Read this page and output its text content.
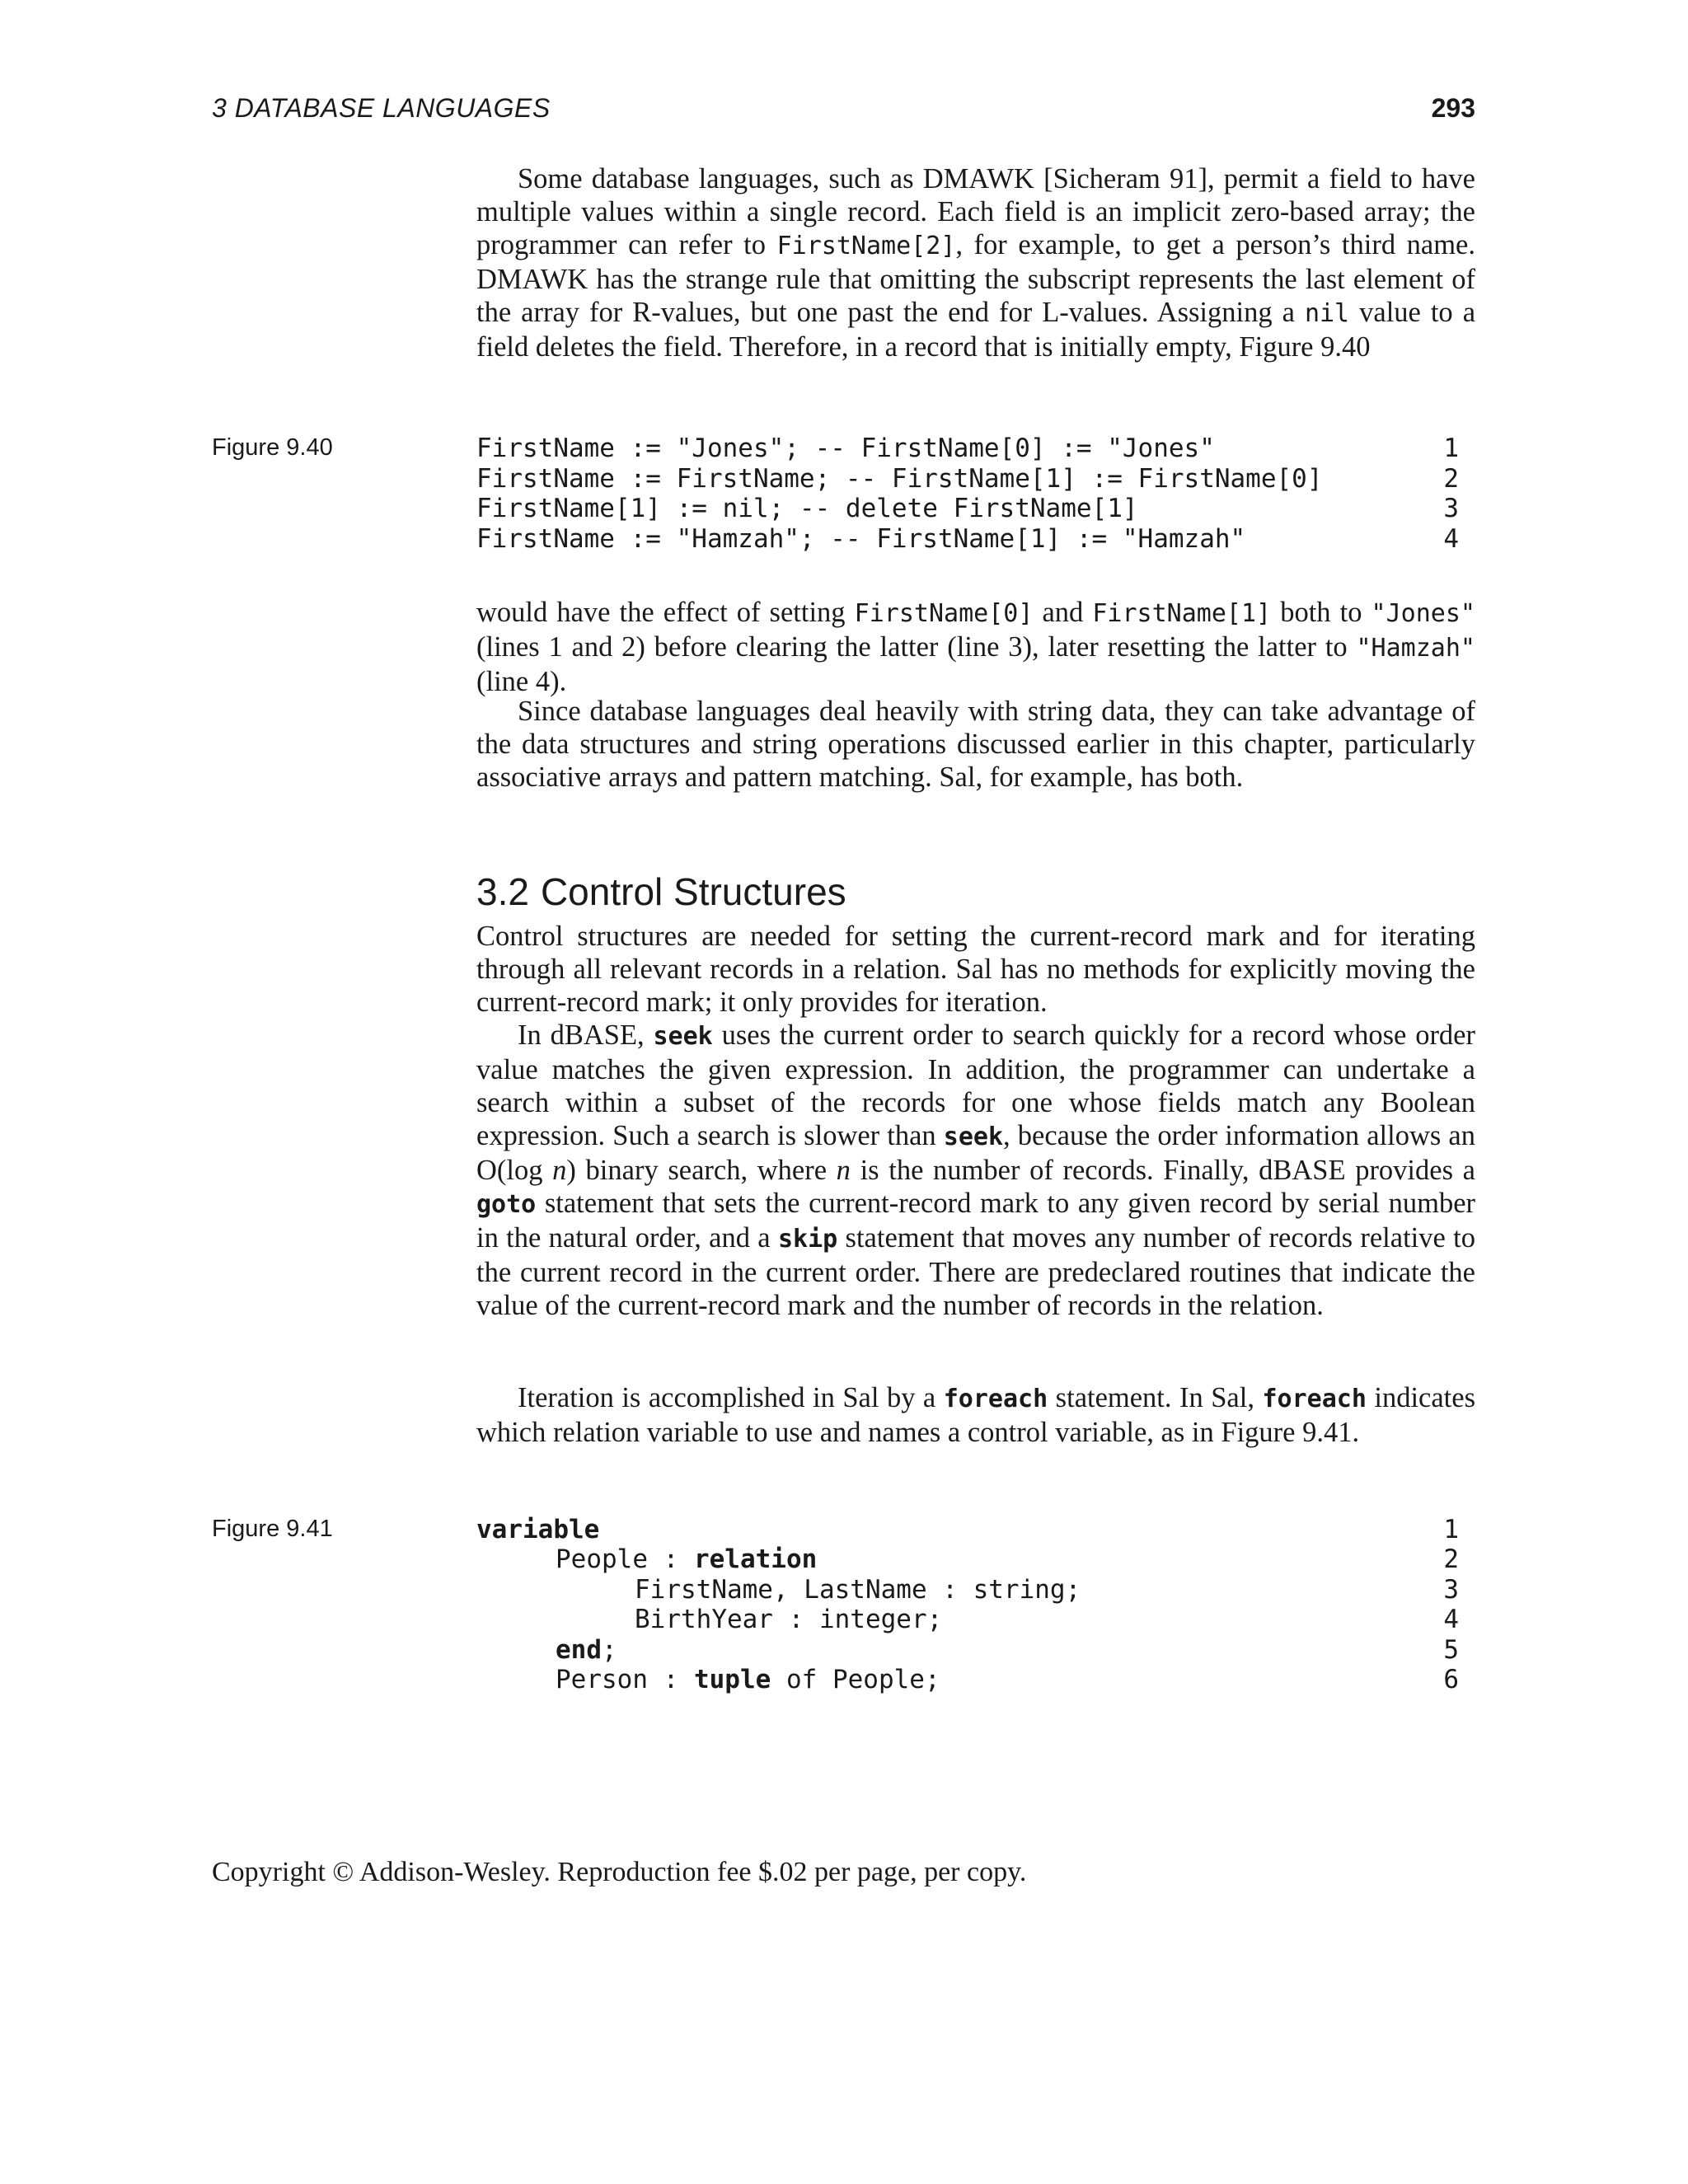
3 DATABASE LANGUAGES	293

Some database languages, such as DMAWK [Sicheram 91], permit a field to have multiple values within a single record. Each field is an implicit zero-based array; the programmer can refer to FirstName[2], for example, to get a person’s third name. DMAWK has the strange rule that omitting the subscript represents the last element of the array for R-values, but one past the end for L-values. Assigning a nil value to a field deletes the field. Therefore, in a record that is initially empty, Figure 9.40

Figure 9.40	FirstName := "Jones"; -- FirstName[0] := "Jones"	1
FirstName := FirstName; -- FirstName[1] := FirstName[0]	2
FirstName[1] := nil; -- delete FirstName[1]	3
FirstName := "Hamzah"; -- FirstName[1] := "Hamzah"	4

would have the effect of setting FirstName[0] and FirstName[1] both to "Jones" (lines 1 and 2) before clearing the latter (line 3), later resetting the latter to "Hamzah" (line 4).

Since database languages deal heavily with string data, they can take advantage of the data structures and string operations discussed earlier in this chapter, particularly associative arrays and pattern matching. Sal, for example, has both.

3.2 Control Structures

Control structures are needed for setting the current-record mark and for iterating through all relevant records in a relation. Sal has no methods for explicitly moving the current-record mark; it only provides for iteration.

In dBASE, seek uses the current order to search quickly for a record whose order value matches the given expression. In addition, the programmer can undertake a search within a subset of the records for one whose fields match any Boolean expression. Such a search is slower than seek, because the order information allows an O(log n) binary search, where n is the number of records. Finally, dBASE provides a goto statement that sets the current-record mark to any given record by serial number in the natural order, and a skip statement that moves any number of records relative to the current record in the current order. There are predeclared routines that indicate the value of the current-record mark and the number of records in the relation.

Iteration is accomplished in Sal by a foreach statement. In Sal, foreach indicates which relation variable to use and names a control variable, as in Figure 9.41.

Figure 9.41	variable	1
People : relation	2
FirstName, LastName : string;	3
BirthYear : integer;	4
end;	5
Person : tuple of People;	6
Copyright © Addison-Wesley. Reproduction fee $.02 per page, per copy.
